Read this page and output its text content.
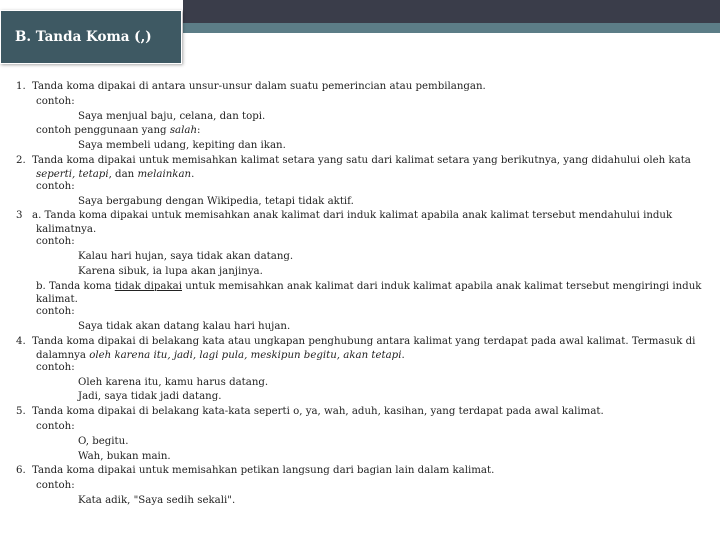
B. Tanda Koma (,)
1. Tanda koma dipakai di antara unsur-unsur dalam suatu pemerincian atau pembilangan.
contoh:
Saya menjual baju, celana, dan topi.
contoh penggunaan yang salah:
Saya membeli udang, kepiting dan ikan.
2. Tanda koma dipakai untuk memisahkan kalimat setara yang satu dari kalimat setara yang berikutnya, yang didahului oleh kata
seperti, tetapi, dan melainkan.
contoh:
Saya bergabung dengan Wikipedia, tetapi tidak aktif.
3 a. Tanda koma dipakai untuk memisahkan anak kalimat dari induk kalimat apabila anak kalimat tersebut mendahului induk
kalimatnya.
contoh:
Kalau hari hujan, saya tidak akan datang.
Karena sibuk, ia lupa akan janjinya.
b. Tanda koma tidak dipakai untuk memisahkan anak kalimat dari induk kalimat apabila anak kalimat tersebut mengiringi induk
kalimat.
contoh:
Saya tidak akan datang kalau hari hujan.
4. Tanda koma dipakai di belakang kata atau ungkapan penghubung antara kalimat yang terdapat pada awal kalimat. Termasuk di
dalamnya oleh karena itu, jadi, lagi pula, meskipun begitu, akan tetapi.
contoh:
Oleh karena itu, kamu harus datang.
Jadi, saya tidak jadi datang.
5. Tanda koma dipakai di belakang kata-kata seperti o, ya, wah, aduh, kasihan, yang terdapat pada awal kalimat.
contoh:
O, begitu.
Wah, bukan main.
6. Tanda koma dipakai untuk memisahkan petikan langsung dari bagian lain dalam kalimat.
contoh:
Kata adik, "Saya sedih sekali".
